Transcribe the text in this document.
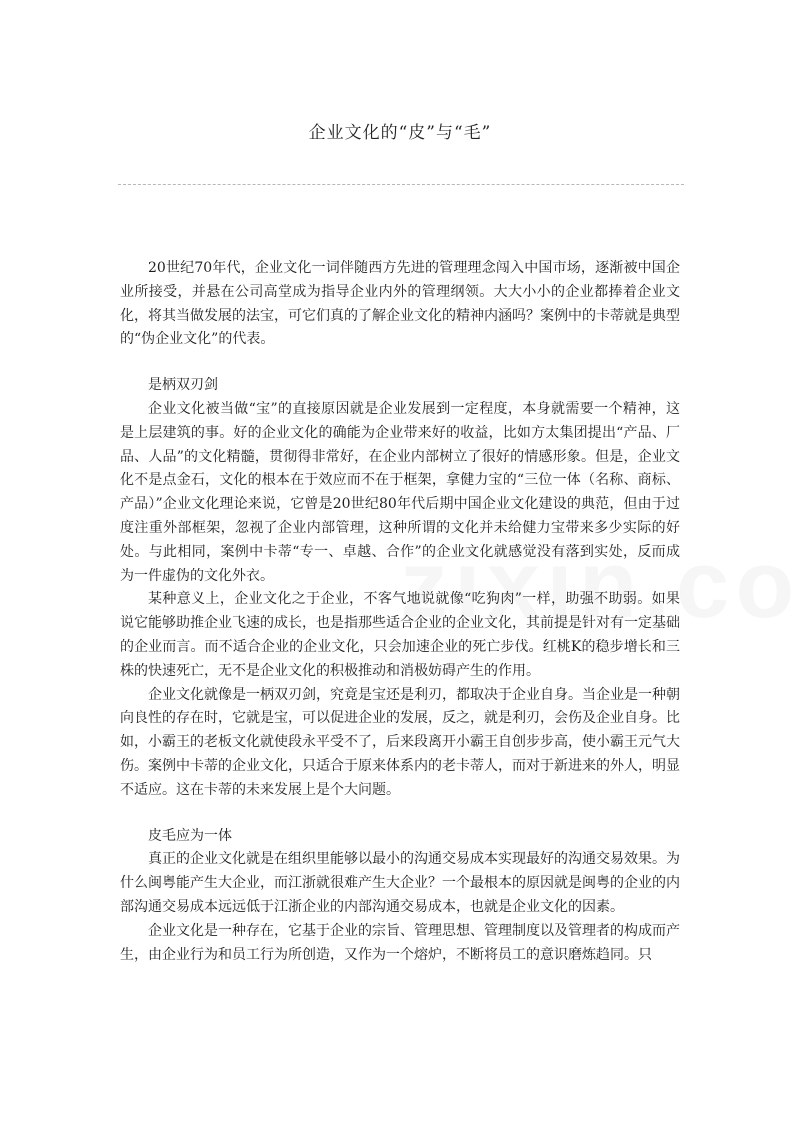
企业文化的“皮”与“毛”

20世纪70年代，企业文化一词伴随西方先进的管理理念闯入中国市场，逐渐被中国企业所接受，并悬在公司高堂成为指导企业内外的管理纲领。大大小小的企业都捧着企业文化，将其当做发展的法宝，可它们真的了解企业文化的精神内涵吗？案例中的卡蒂就是典型的“伪企业文化”的代表。

是柄双刃剑

企业文化被当做“宝”的直接原因就是企业发展到一定程度，本身就需要一个精神，这是上层建筑的事。好的企业文化的确能为企业带来好的收益，比如方太集团提出“产品、厂品、人品”的文化精髓，贯彻得非常好，在企业内部树立了很好的情感形象。但是，企业文化不是点金石，文化的根本在于效应而不在于框架，拿健力宝的“三位一体（名称、商标、产品）”企业文化理论来说，它曾是20世纪80年代后期中国企业文化建设的典范，但由于过度注重外部框架，忽视了企业内部管理，这种所谓的文化并未给健力宝带来多少实际的好处。与此相同，案例中卡蒂“专一、卓越、合作”的企业文化就感觉没有落到实处，反而成为一件虚伪的文化外衣。

某种意义上，企业文化之于企业，不客气地说就像“吃狗肉”一样，助强不助弱。如果说它能够助推企业飞速的成长，也是指那些适合企业的企业文化，其前提是针对有一定基础的企业而言。而不适合企业的企业文化，只会加速企业的死亡步伐。红桃K的稳步增长和三株的快速死亡，无不是企业文化的积极推动和消极妨碍产生的作用。

企业文化就像是一柄双刃剑，究竟是宝还是利刃，都取决于企业自身。当企业是一种朝向良性的存在时，它就是宝，可以促进企业的发展，反之，就是利刃，会伤及企业自身。比如，小霸王的老板文化就使段永平受不了，后来段离开小霸王自创步步高，使小霸王元气大伤。案例中卡蒂的企业文化，只适合于原来体系内的老卡蒂人，而对于新进来的外人，明显不适应。这在卡蒂的未来发展上是个大问题。

皮毛应为一体

真正的企业文化就是在组织里能够以最小的沟通交易成本实现最好的沟通交易效果。为什么闽粤能产生大企业，而江浙就很难产生大企业？一个最根本的原因就是闽粤的企业的内部沟通交易成本远远低于江浙企业的内部沟通交易成本，也就是企业文化的因素。

企业文化是一种存在，它基于企业的宗旨、管理思想、管理制度以及管理者的构成而产生，由企业行为和员工行为所创造，又作为一个熔炉，不断将员工的意识磨炼趋同。只
